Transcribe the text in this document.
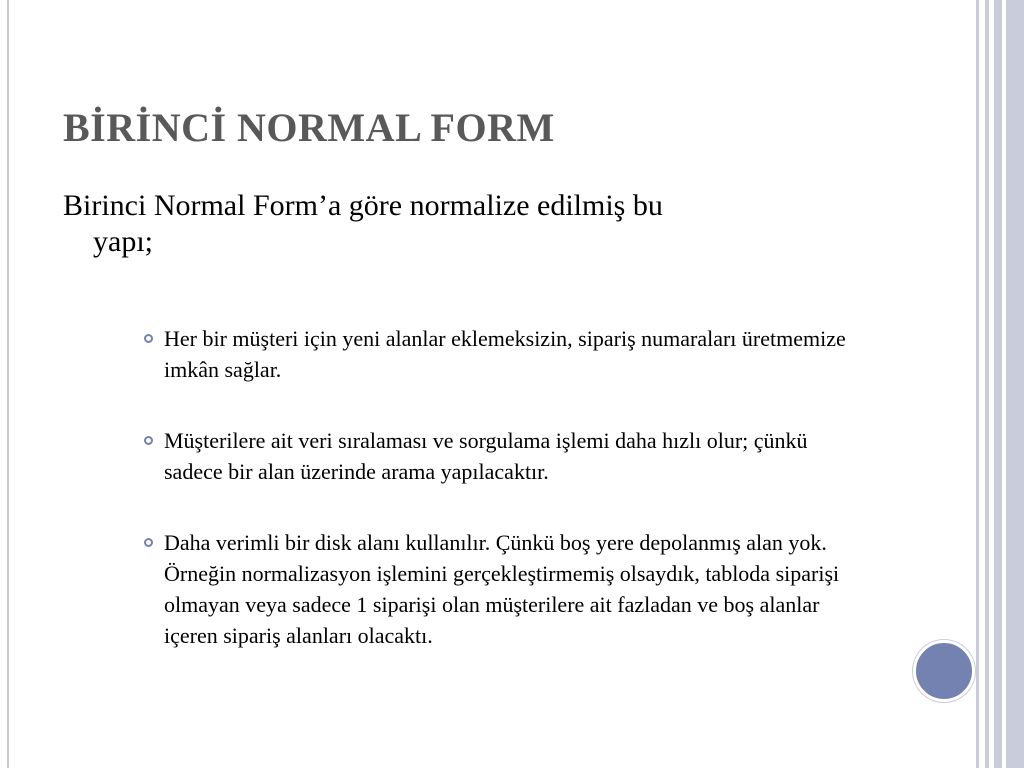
BİRİNCİ NORMAL FORM
Birinci Normal Form’a göre normalize edilmiş bu
yapı;
Her bir müşteri için yeni alanlar eklemeksizin, sipariş numaraları üretmemize imkân sağlar.
Müşterilere ait veri sıralaması ve sorgulama işlemi daha hızlı olur; çünkü sadece bir alan üzerinde arama yapılacaktır.
Daha verimli bir disk alanı kullanılır. Çünkü boş yere depolanmış alan yok. Örneğin normalizasyon işlemini gerçekleştirmemiş olsaydık, tabloda siparişi olmayan veya sadece 1 siparişi olan müşterilere ait fazladan ve boş alanlar içeren sipariş alanları olacaktı.
